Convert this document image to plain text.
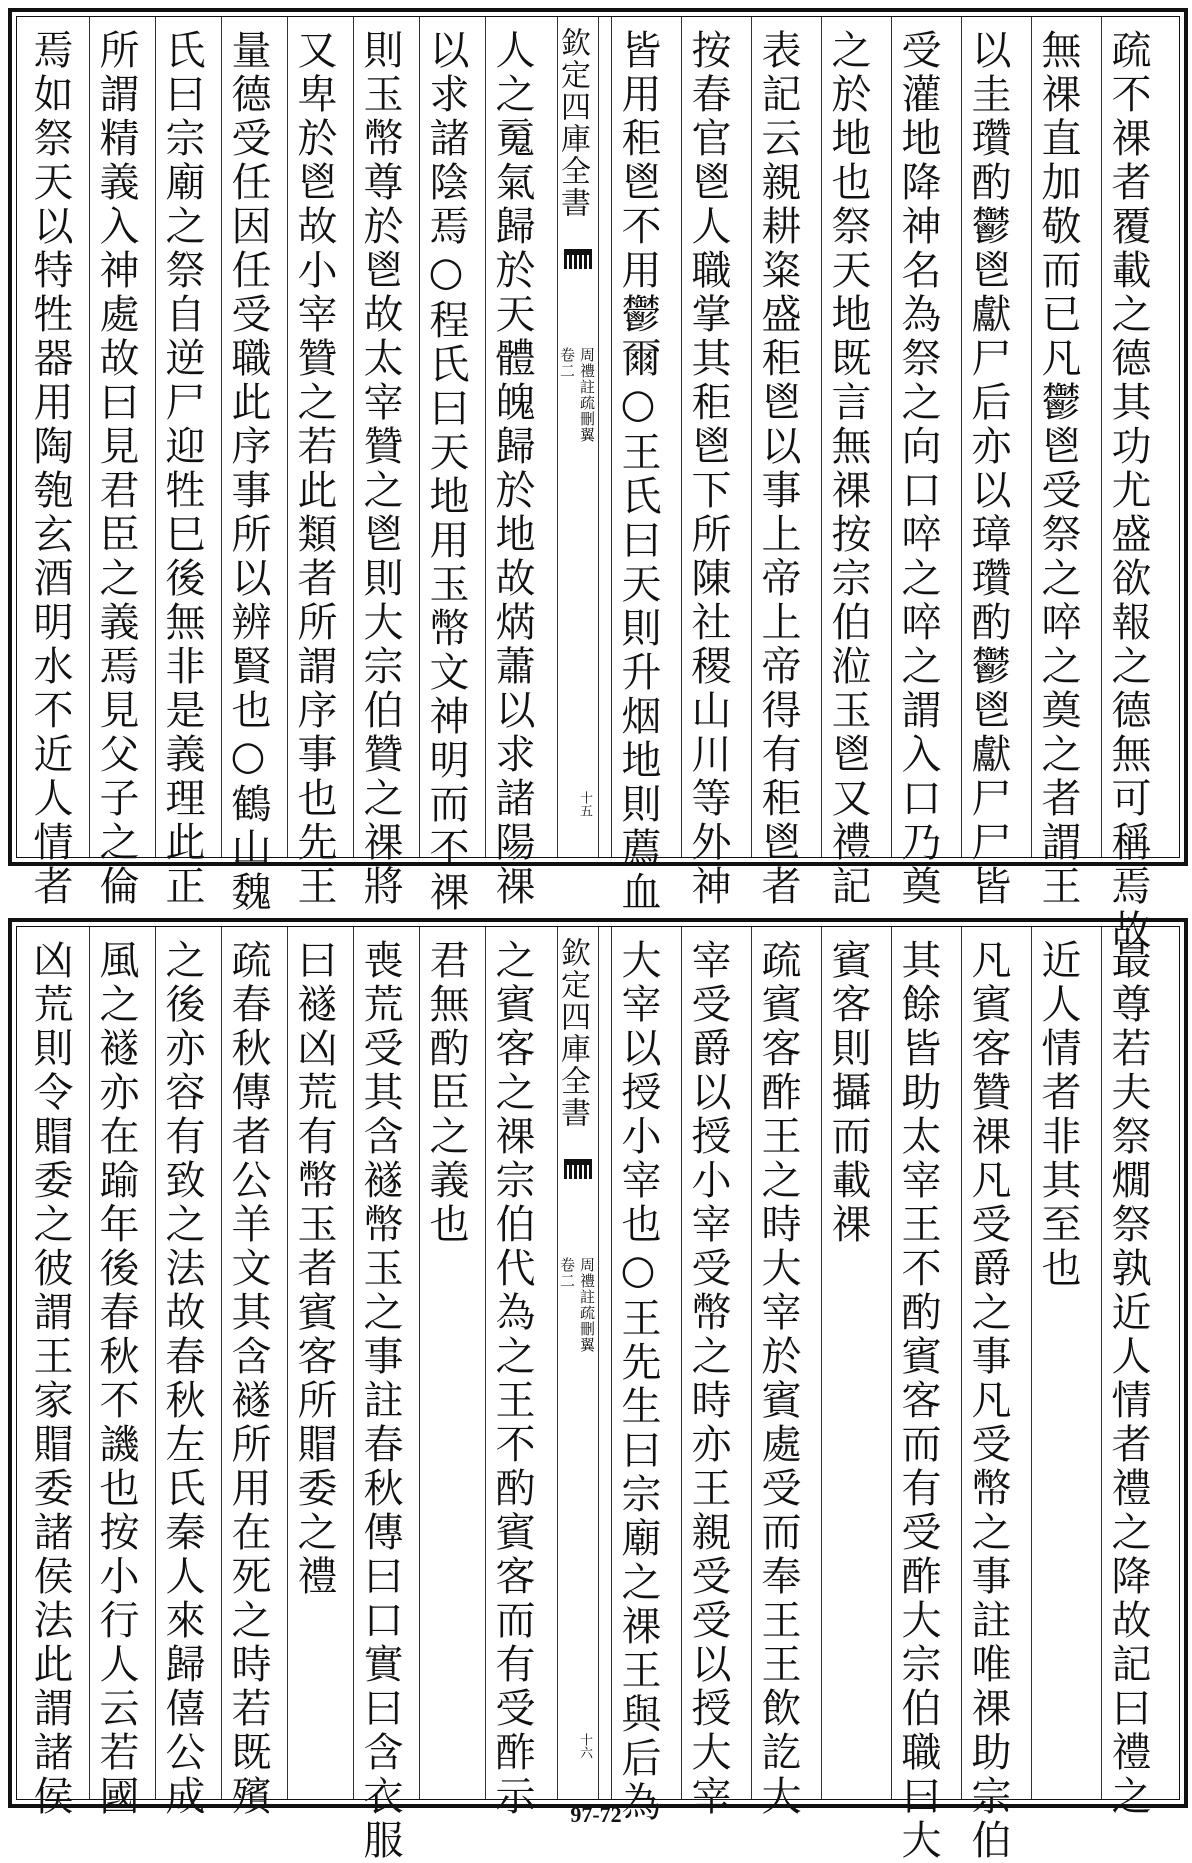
焉如祭天以特牲器用陶匏玄酒明水不近人情者 所謂精義入神處故曰見君臣之義焉見父子之倫 氏曰宗廟之祭自逆尸迎牲巳後無非是義理此正 量德受任因任受職此序事所以辨賢也○鶴山魏 又卑於鬯故小宰贊之若此類者所謂序事也先王 則玉幣尊於鬯故太宰贊之鬯則大宗伯贊之祼將 以求諸陰焉○程氏曰天地用玉幣文神明而不祼 人之䰟氣歸於天體魄歸於地故焫蕭以求諸陽祼 欽定四庫全書
周禮註疏刪翼
卷二
十五 皆用秬鬯不用鬱爾○王氏曰天則升烟地則薦血 按春官鬯人職掌其秬鬯下所陳社稷山川等外神 表記云親耕粢盛秬鬯以事上帝上帝得有秬鬯者 之於地也祭天地既言無祼按宗伯涖玉鬯又禮記 受灌地降神名為祭之向口啐之啐之謂入口乃奠 以圭瓚酌鬱鬯獻尸后亦以璋瓚酌鬱鬯獻尸尸皆 無祼直加敬而已凡鬱鬯受祭之啐之奠之者謂王 疏不祼者覆載之德其功尤盛欲報之德無可稱焉故
凶荒則令賵委之彼謂王家賵委諸侯法此謂諸侯 風之襚亦在踰年後春秋不譏也按小行人云若國 之後亦容有致之法故春秋左氏秦人來歸僖公成 疏春秋傳者公羊文其含襚所用在死之時若既殯 曰襚凶荒有幣玉者賓客所賵委之禮 喪荒受其含襚幣玉之事註春秋傳曰口實曰含衣服 君無酌臣之義也 之賓客之祼宗伯代為之王不酌賓客而有受酢示 欽定四庫全書
周禮註疏刪翼
卷二
十六 大宰以授小宰也○王先生曰宗廟之祼王與后為 宰受爵以授小宰受幣之時亦王親受受以授大宰 疏賓客酢王之時大宰於賓處受而奉王王飲訖大 賓客則攝而載祼 其餘皆助太宰王不酌賓客而有受酢大宗伯職曰大 凡賓客贊祼凡受爵之事凡受幣之事註唯祼助宗伯 近人情者非其至也 最尊若夫祭燗祭孰近人情者禮之降故記曰禮之
97-72
